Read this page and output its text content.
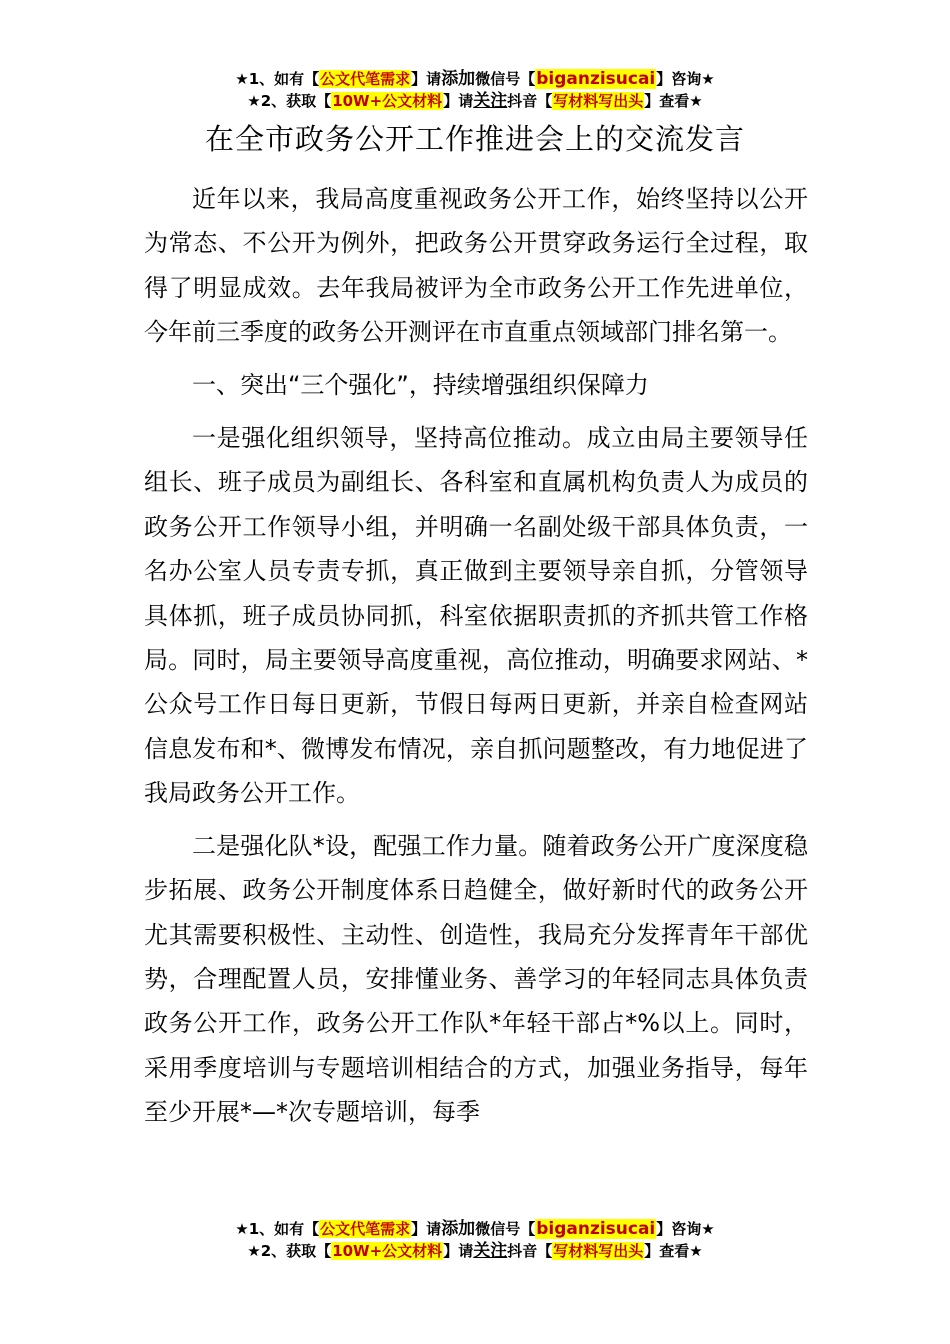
★1、如有【公文代笔需求】请添加微信号【biganzisucai】咨询★
★2、获取【10W+公文材料】请关注抖音【写材料写出头】查看★
在全市政务公开工作推进会上的交流发言

近年以来，我局高度重视政务公开工作，始终坚持以公开为常态、不公开为例外，把政务公开贯穿政务运行全过程，取得了明显成效。去年我局被评为全市政务公开工作先进单位，今年前三季度的政务公开测评在市直重点领域部门排名第一。

一、突出“三个强化”，持续增强组织保障力

一是强化组织领导，坚持高位推动。成立由局主要领导任组长、班子成员为副组长、各科室和直属机构负责人为成员的政务公开工作领导小组，并明确一名副处级干部具体负责，一名办公室人员专责专抓，真正做到主要领导亲自抓，分管领导具体抓，班子成员协同抓，科室依据职责抓的齐抓共管工作格局。同时，局主要领导高度重视，高位推动，明确要求网站、*公众号工作日每日更新，节假日每两日更新，并亲自检查网站信息发布和*、微博发布情况，亲自抓问题整改，有力地促进了我局政务公开工作。

二是强化队*设，配强工作力量。随着政务公开广度深度稳步拓展、政务公开制度体系日趋健全，做好新时代的政务公开尤其需要积极性、主动性、创造性，我局充分发挥青年干部优势，合理配置人员，安排懂业务、善学习的年轻同志具体负责政务公开工作，政务公开工作队*年轻干部占*%以上。同时，采用季度培训与专题培训相结合的方式，加强业务指导，每年至少开展*—*次专题培训，每季

★1、如有【公文代笔需求】请添加微信号【biganzisucai】咨询★
★2、获取【10W+公文材料】请关注抖音【写材料写出头】查看★
